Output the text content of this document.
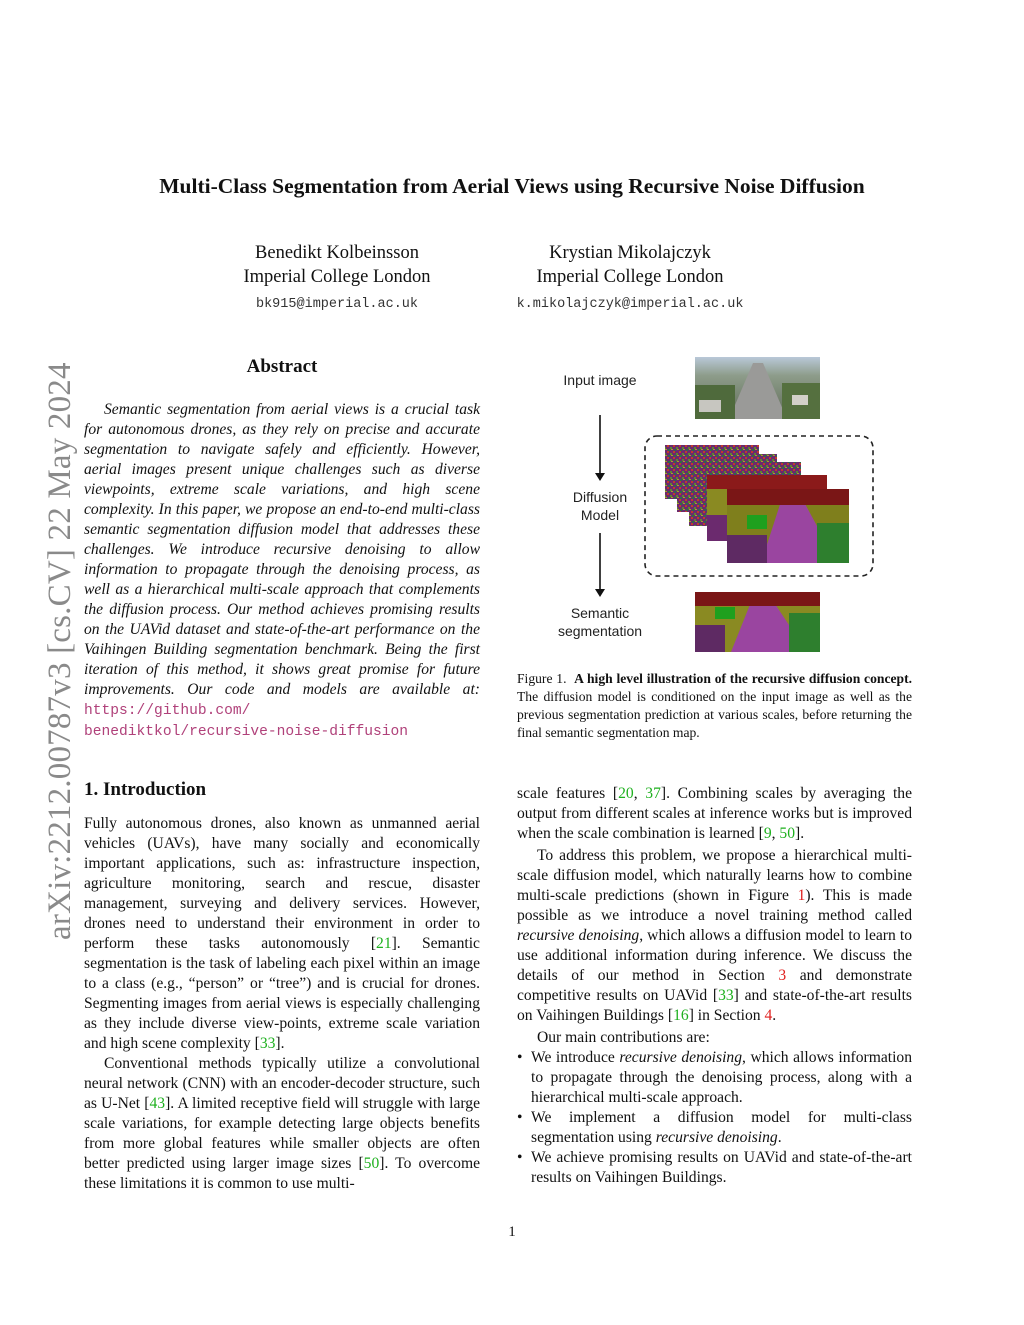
arXiv:2212.00787v3 [cs.CV] 22 May 2024
Multi-Class Segmentation from Aerial Views using Recursive Noise Diffusion
Benedikt Kolbeinsson
Imperial College London
bk915@imperial.ac.uk
Krystian Mikolajczyk
Imperial College London
k.mikolajczyk@imperial.ac.uk
Abstract

Semantic segmentation from aerial views is a crucial task for autonomous drones, as they rely on precise and accurate segmentation to navigate safely and efficiently. However, aerial images present unique challenges such as diverse viewpoints, extreme scale variations, and high scene complexity. In this paper, we propose an end-to-end multi-class semantic segmentation diffusion model that addresses these challenges. We introduce recursive denoising to allow information to propagate through the denoising process, as well as a hierarchical multi-scale approach that complements the diffusion process. Our method achieves promising results on the UAVid dataset and state-of-the-art performance on the Vaihingen Building segmentation benchmark. Being the first iteration of this method, it shows great promise for future improvements. Our code and models are available at: https://github.com/
benediktkol/recursive-noise-diffusion

Input image
Diffusion Model
Semantic segmentation
Figure 1. A high level illustration of the recursive diffusion concept. The diffusion model is conditioned on the input image as well as the previous segmentation prediction at various scales, before returning the final semantic segmentation map.
1. Introduction

Fully autonomous drones, also known as unmanned aerial vehicles (UAVs), have many socially and economically important applications, such as: infrastructure inspection, agriculture monitoring, search and rescue, disaster management, surveying and delivery services. However, drones need to understand their environment in order to perform these tasks autonomously [21]. Semantic segmentation is the task of labeling each pixel within an image to a class (e.g., “person” or “tree”) and is crucial for drones. Segmenting images from aerial views is especially challenging as they include diverse view-points, extreme scale variation and high scene complexity [33].

Conventional methods typically utilize a convolutional neural network (CNN) with an encoder-decoder structure, such as U-Net [43]. A limited receptive field will struggle with large scale variations, for example detecting large objects benefits from more global features while smaller objects are often better predicted using larger image sizes [50]. To overcome these limitations it is common to use multi-

scale features [20, 37]. Combining scales by averaging the output from different scales at inference works but is improved when the scale combination is learned [9, 50].

To address this problem, we propose a hierarchical multi-scale diffusion model, which naturally learns how to combine multi-scale predictions (shown in Figure 1). This is made possible as we introduce a novel training method called recursive denoising, which allows a diffusion model to learn to use additional information during inference. We discuss the details of our method in Section 3 and demonstrate competitive results on UAVid [33] and state-of-the-art results on Vaihingen Buildings [16] in Section 4.

Our main contributions are:

• We introduce recursive denoising, which allows information to propagate through the denoising process, along with a hierarchical multi-scale approach.
• We implement a diffusion model for multi-class segmentation using recursive denoising.
• We achieve promising results on UAVid and state-of-the-art results on Vaihingen Buildings.
1
